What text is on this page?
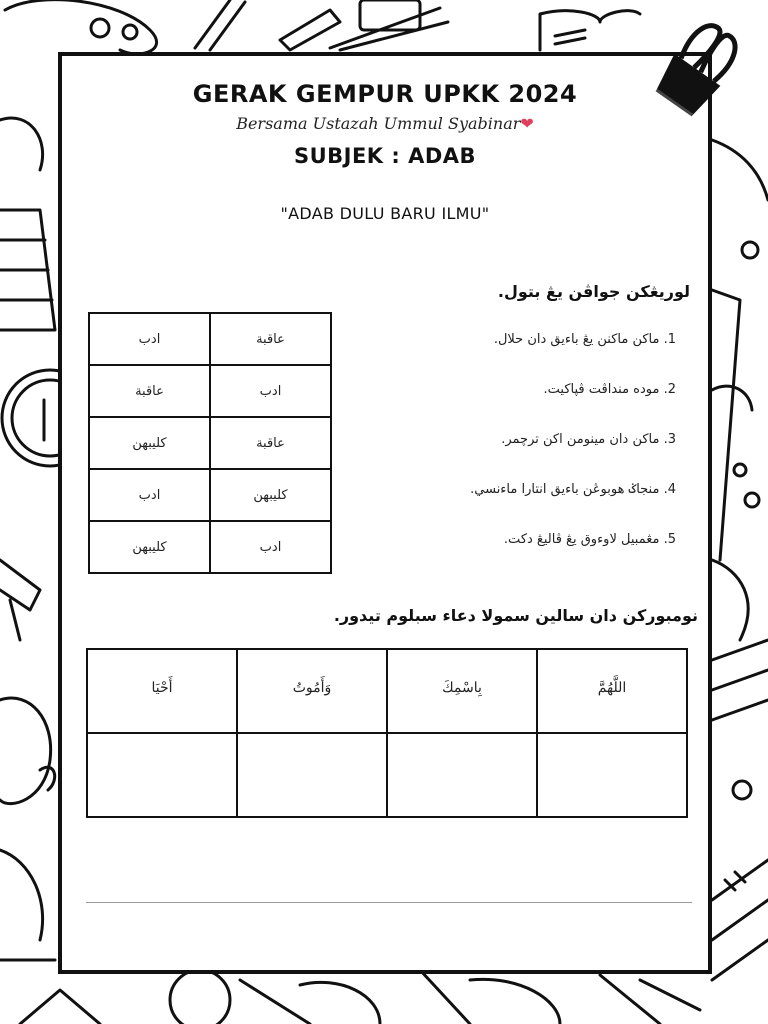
GERAK GEMPUR UPKK 2024
Bersama Ustazah Ummul Syabinar❤
SUBJEK : ADAB
"ADAB DULU BARU ILMU"
لوريڠكن جواڤن يڠ بتول.
ادب	عاقبة
عاقبة	ادب
كليبهن	عاقبة
ادب	كليبهن
كليبهن	ادب
1. ماكن ماكنن يڠ باءيق دان حلال.
2. موده منداڤت ڤڽاكيت.
3. ماكن دان مينومن اكن ترچمر.
4. منجاݢ هوبوڠن باءيق انتارا ماءنسي.
5. مڠمبيل لاوءوق يڠ ڤاليڠ دكت.
نومبوركن دان سالين سمولا دعاء سبلوم تيدور.
أَحْيَا	وَأَمُوتُ	بِاسْمِكَ	اللَّهُمَّ
